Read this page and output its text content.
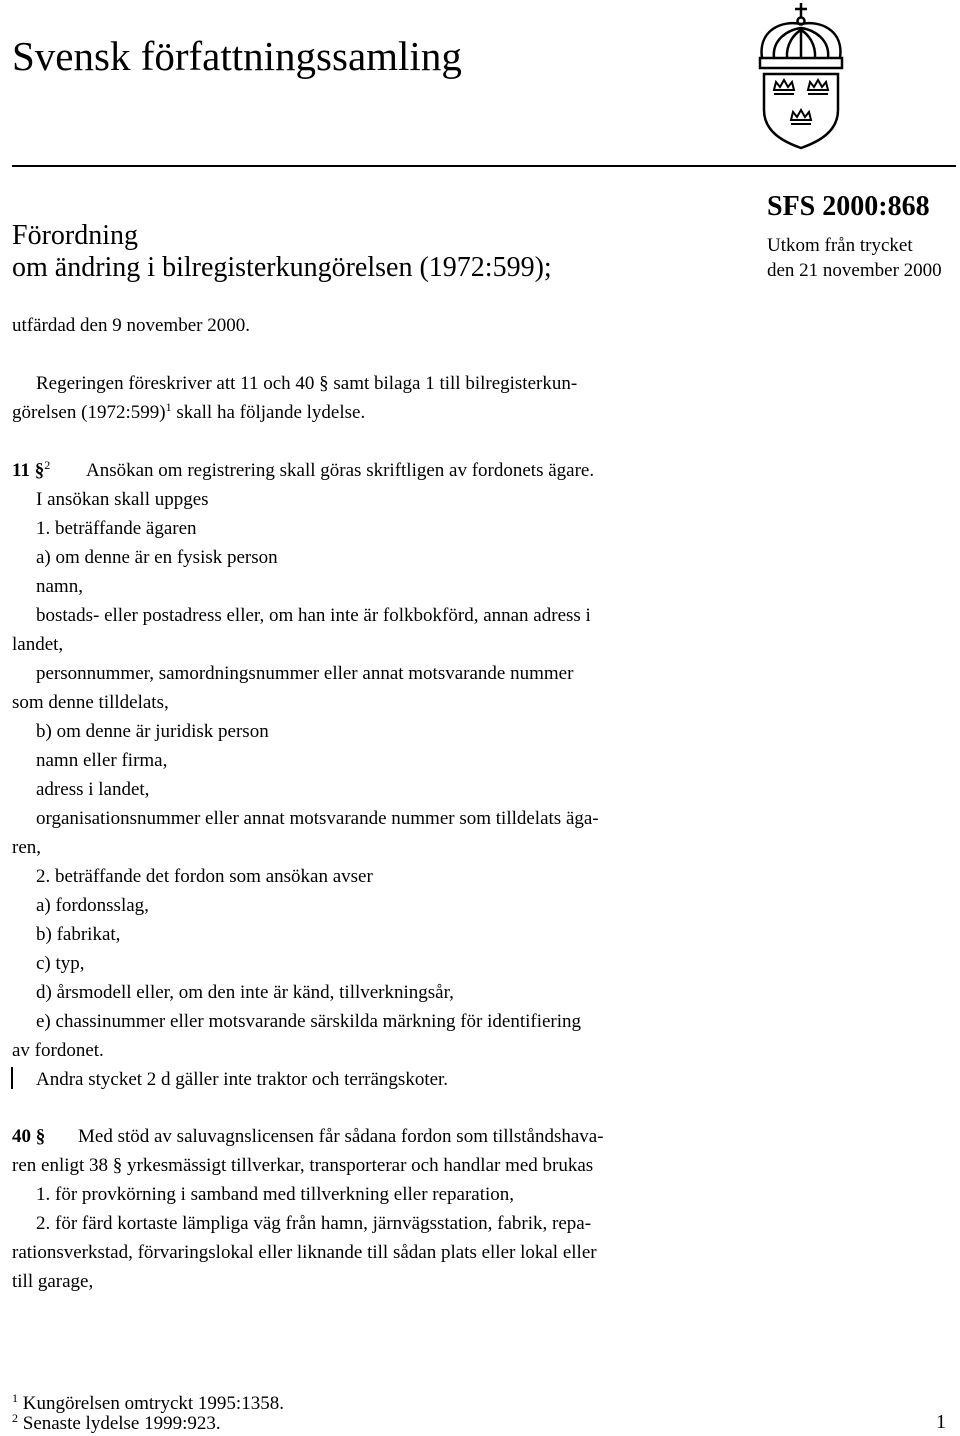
Svensk författningssamling
Förordning
om ändring i bilregisterkungörelsen (1972:599);
SFS 2000:868
Utkom från trycket
den 21 november 2000
utfärdad den 9 november 2000.
Regeringen föreskriver att 11 och 40 § samt bilaga 1 till bilregisterkun-
görelsen (1972:599)$^1$ skall ha följande lydelse.
11 §$^2$ Ansökan om registrering skall göras skriftligen av fordonets ägare.
I ansökan skall uppges
1. beträffande ägaren
a) om denne är en fysisk person
namn,
bostads- eller postadress eller, om han inte är folkbokförd, annan adress i
landet,
personnummer, samordningsnummer eller annat motsvarande nummer
som denne tilldelats,
b) om denne är juridisk person
namn eller firma,
adress i landet,
organisationsnummer eller annat motsvarande nummer som tilldelats äga-
ren,
2. beträffande det fordon som ansökan avser
a) fordonsslag,
b) fabrikat,
c) typ,
d) årsmodell eller, om den inte är känd, tillverkningsår,
e) chassinummer eller motsvarande särskilda märkning för identifiering
av fordonet.
Andra stycket 2 d gäller inte traktor och terrängskoter.
40 § Med stöd av saluvagnslicensen får sådana fordon som tillståndshava-
ren enligt 38 § yrkesmässigt tillverkar, transporterar och handlar med brukas
1. för provkörning i samband med tillverkning eller reparation,
2. för färd kortaste lämpliga väg från hamn, järnvägsstation, fabrik, repa-
rationsverkstad, förvaringslokal eller liknande till sådan plats eller lokal eller
till garage,
$^1$ Kungörelsen omtryckt 1995:1358.
$^2$ Senaste lydelse 1999:923.	1
